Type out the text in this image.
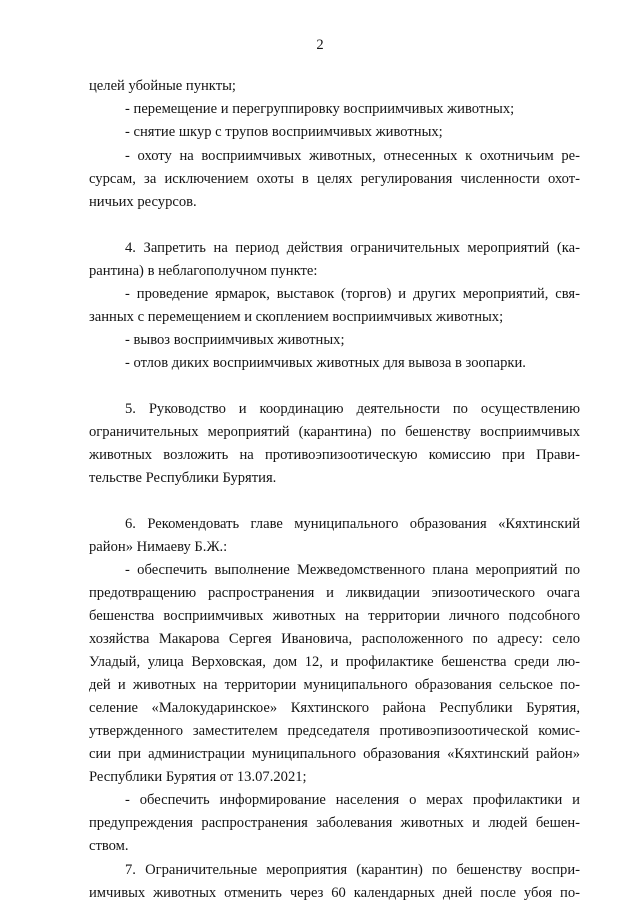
2
целей убойные пункты;
- перемещение и перегруппировку восприимчивых животных;
- снятие шкур с трупов восприимчивых животных;
- охоту на восприимчивых животных, отнесенных к охотничьим ре-
сурсам, за исключением охоты в целях регулирования численности охот-
ничьих ресурсов.
4. Запретить на период действия ограничительных мероприятий (ка-
рантина) в неблагополучном пункте:
- проведение ярмарок, выставок (торгов) и других мероприятий, свя-
занных с перемещением и скоплением восприимчивых животных;
- вывоз восприимчивых животных;
- отлов диких восприимчивых животных для вывоза в зоопарки.
5. Руководство и координацию деятельности по осуществлению
ограничительных мероприятий (карантина) по бешенству восприимчивых
животных возложить на противоэпизоотическую комиссию при Прави-
тельстве Республики Бурятия.
6. Рекомендовать главе муниципального образования «Кяхтинский
район» Нимаеву Б.Ж.:
- обеспечить выполнение Межведомственного плана мероприятий по
предотвращению распространения и ликвидации эпизоотического очага
бешенства восприимчивых животных на территории личного подсобного
хозяйства Макарова Сергея Ивановича, расположенного по адресу: село
Уладый, улица Верховская, дом 12, и профилактике бешенства среди лю-
дей и животных на территории муниципального образования сельское по-
селение «Малокударинское» Кяхтинского района Республики Бурятия,
утвержденного заместителем председателя противоэпизоотической комис-
сии при администрации муниципального образования «Кяхтинский район»
Республики Бурятия от 13.07.2021;
- обеспечить информирование населения о мерах профилактики и
предупреждения распространения заболевания животных и людей бешен-
ством.
7. Ограничительные мероприятия (карантин) по бешенству воспри-
имчивых животных отменить через 60 календарных дней после убоя по-
